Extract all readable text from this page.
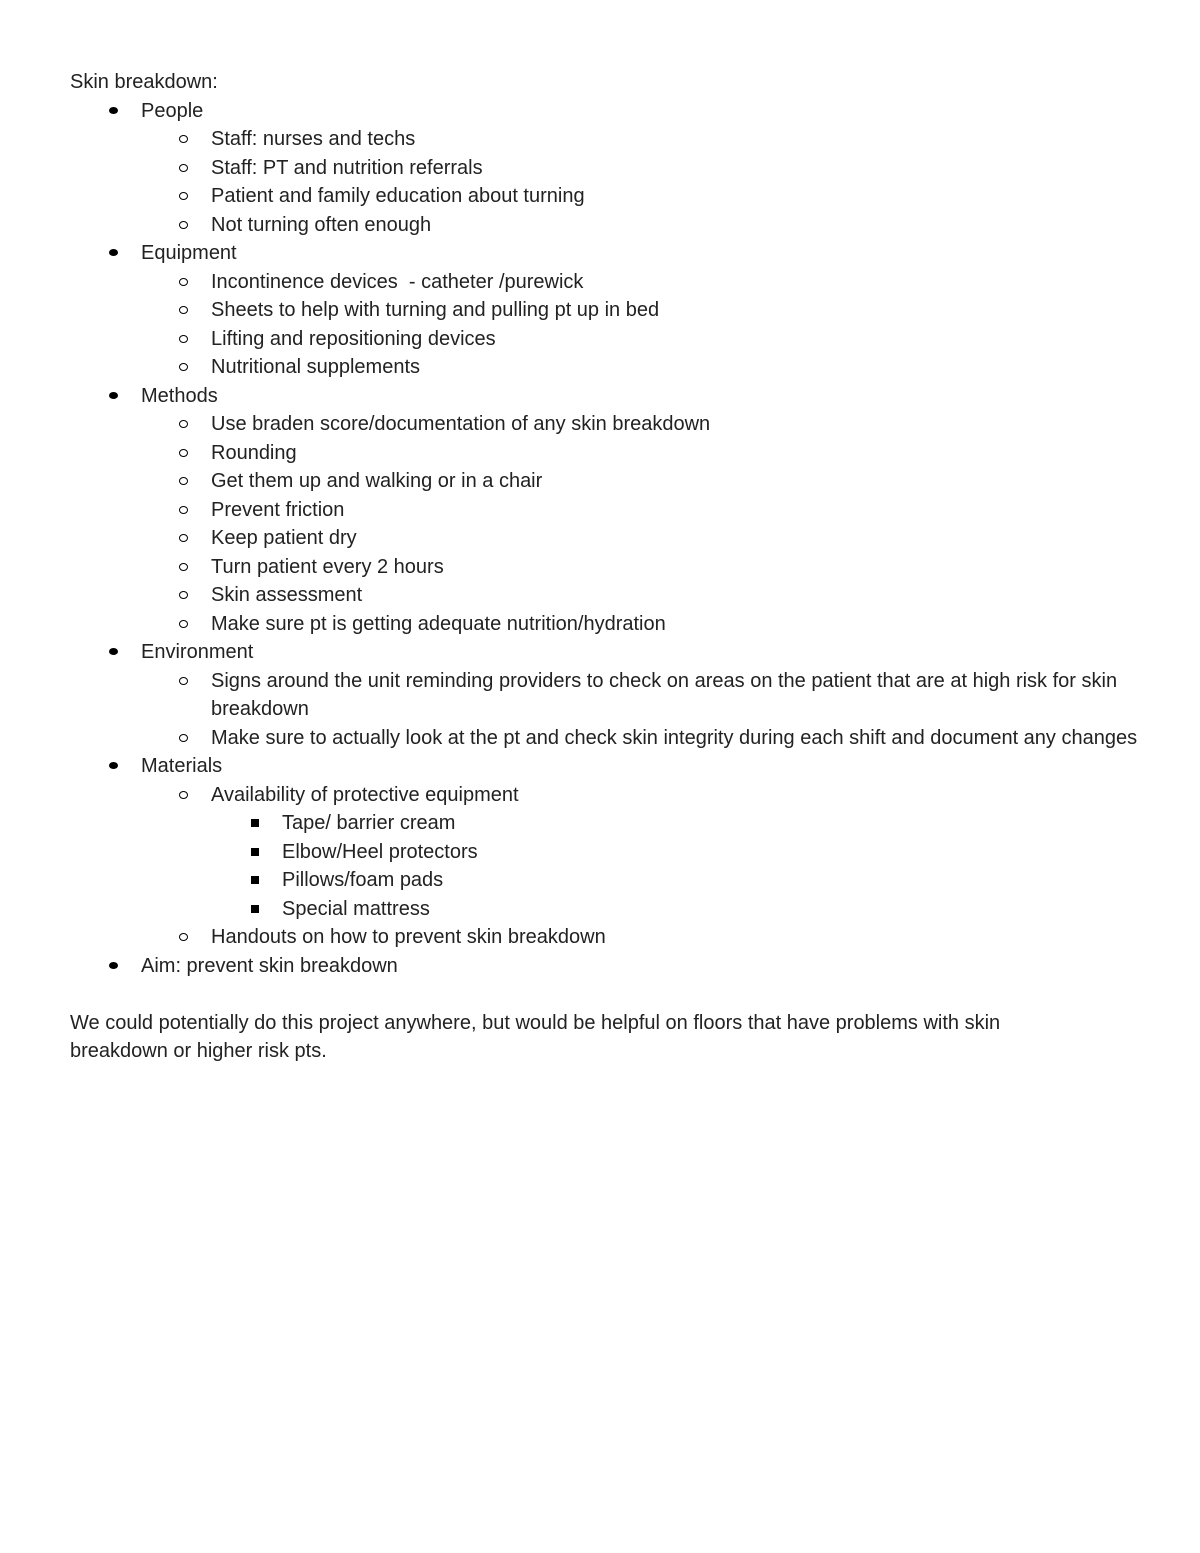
Skin breakdown:
People
Staff: nurses and techs
Staff: PT and nutrition referrals
Patient and family education about turning
Not turning often enough
Equipment
Incontinence devices  - catheter /purewick
Sheets to help with turning and pulling pt up in bed
Lifting and repositioning devices
Nutritional supplements
Methods
Use braden score/documentation of any skin breakdown
Rounding
Get them up and walking or in a chair
Prevent friction
Keep patient dry
Turn patient every 2 hours
Skin assessment
Make sure pt is getting adequate nutrition/hydration
Environment
Signs around the unit reminding providers to check on areas on the patient that are at high risk for skin breakdown
Make sure to actually look at the pt and check skin integrity during each shift and document any changes
Materials
Availability of protective equipment
Tape/ barrier cream
Elbow/Heel protectors
Pillows/foam pads
Special mattress
Handouts on how to prevent skin breakdown
Aim: prevent skin breakdown
We could potentially do this project anywhere, but would be helpful on floors that have problems with skin breakdown or higher risk pts.
